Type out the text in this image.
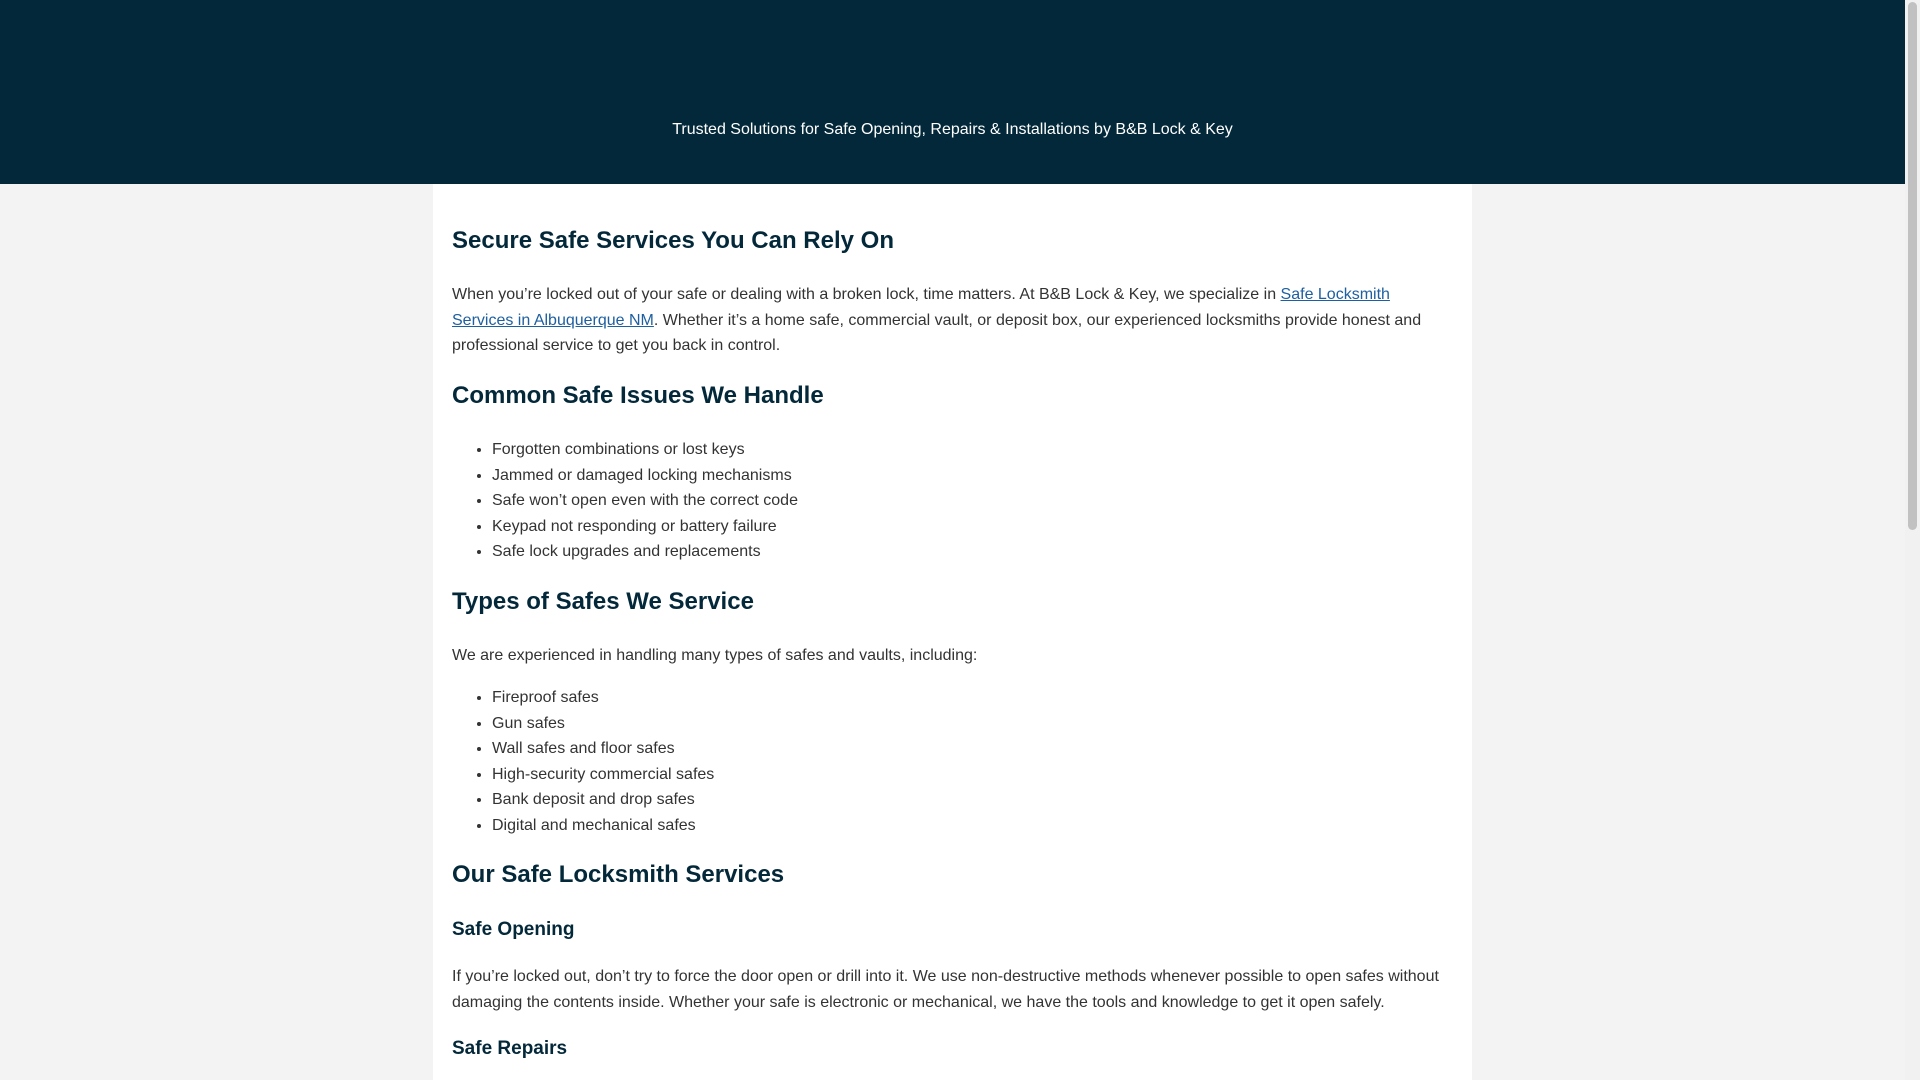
Trusted Solutions for Safe Opening, Repairs & Installations by B&B Lock & Key
Secure Safe Services You Can Rely On

When you’re locked out of your safe or dealing with a broken lock, time matters. At B&B Lock & Key, we specialize in Safe Locksmith Services in Albuquerque NM. Whether it’s a home safe, commercial vault, or deposit box, our experienced locksmiths provide honest and professional service to get you back in control.

Common Safe Issues We Handle
• Forgotten combinations or lost keys
• Jammed or damaged locking mechanisms
• Safe won’t open even with the correct code
• Keypad not responding or battery failure
• Safe lock upgrades and replacements
Types of Safes We Service

We are experienced in handling many types of safes and vaults, including:

• Fireproof safes
• Gun safes
• Wall safes and floor safes
• High-security commercial safes
• Bank deposit and drop safes
• Digital and mechanical safes
Our Safe Locksmith Services
Safe Opening

If you’re locked out, don’t try to force the door open or drill into it. We use non-destructive methods whenever possible to open safes without damaging the contents inside. Whether your safe is electronic or mechanical, we have the tools and knowledge to get it open safely.

Safe Repairs
